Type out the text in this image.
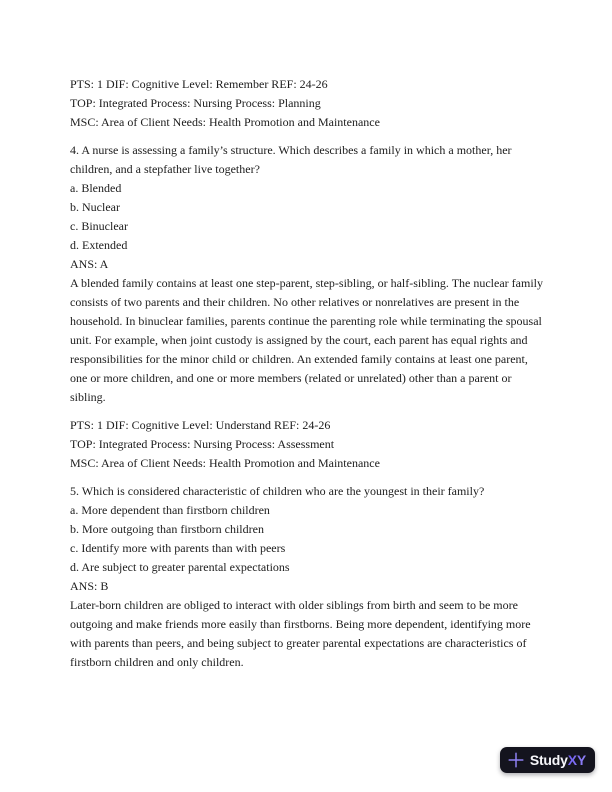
PTS: 1 DIF: Cognitive Level: Remember REF: 24-26

TOP: Integrated Process: Nursing Process: Planning

MSC: Area of Client Needs: Health Promotion and Maintenance

4. A nurse is assessing a family’s structure. Which describes a family in which a mother, her children, and a stepfather live together?

a. Blended

b. Nuclear

c. Binuclear

d. Extended

ANS: A

A blended family contains at least one step-parent, step-sibling, or half-sibling. The nuclear family consists of two parents and their children. No other relatives or nonrelatives are present in the household. In binuclear families, parents continue the parenting role while terminating the spousal unit. For example, when joint custody is assigned by the court, each parent has equal rights and responsibilities for the minor child or children. An extended family contains at least one parent, one or more children, and one or more members (related or unrelated) other than a parent or sibling.

PTS: 1 DIF: Cognitive Level: Understand REF: 24-26

TOP: Integrated Process: Nursing Process: Assessment

MSC: Area of Client Needs: Health Promotion and Maintenance

5. Which is considered characteristic of children who are the youngest in their family?

a. More dependent than firstborn children

b. More outgoing than firstborn children

c. Identify more with parents than with peers

d. Are subject to greater parental expectations

ANS: B

Later-born children are obliged to interact with older siblings from birth and seem to be more outgoing and make friends more easily than firstborns. Being more dependent, identifying more with parents than peers, and being subject to greater parental expectations are characteristics of firstborn children and only children.

StudyXY
